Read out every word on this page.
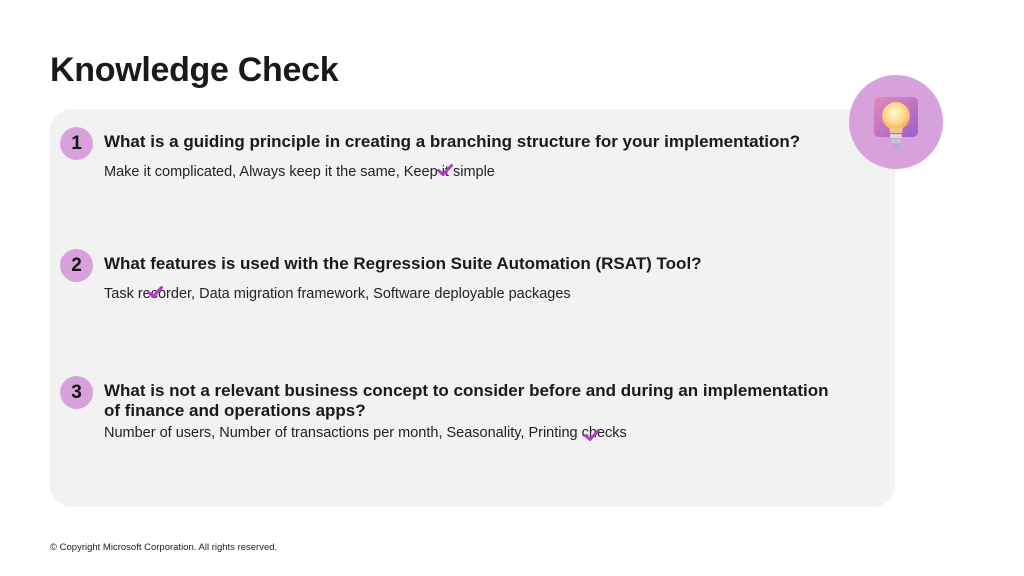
Knowledge Check
1	What is a guiding principle in creating a branching structure for your implementation?
Make it complicated, Always keep it the same, Keep it simple
2	What features is used with the Regression Suite Automation (RSAT) Tool?
Task recorder, Data migration framework, Software deployable packages
3	What is not a relevant business concept to consider before and during an implementation of finance and operations apps?
Number of users, Number of transactions per month, Seasonality, Printing checks
© Copyright Microsoft Corporation. All rights reserved.
